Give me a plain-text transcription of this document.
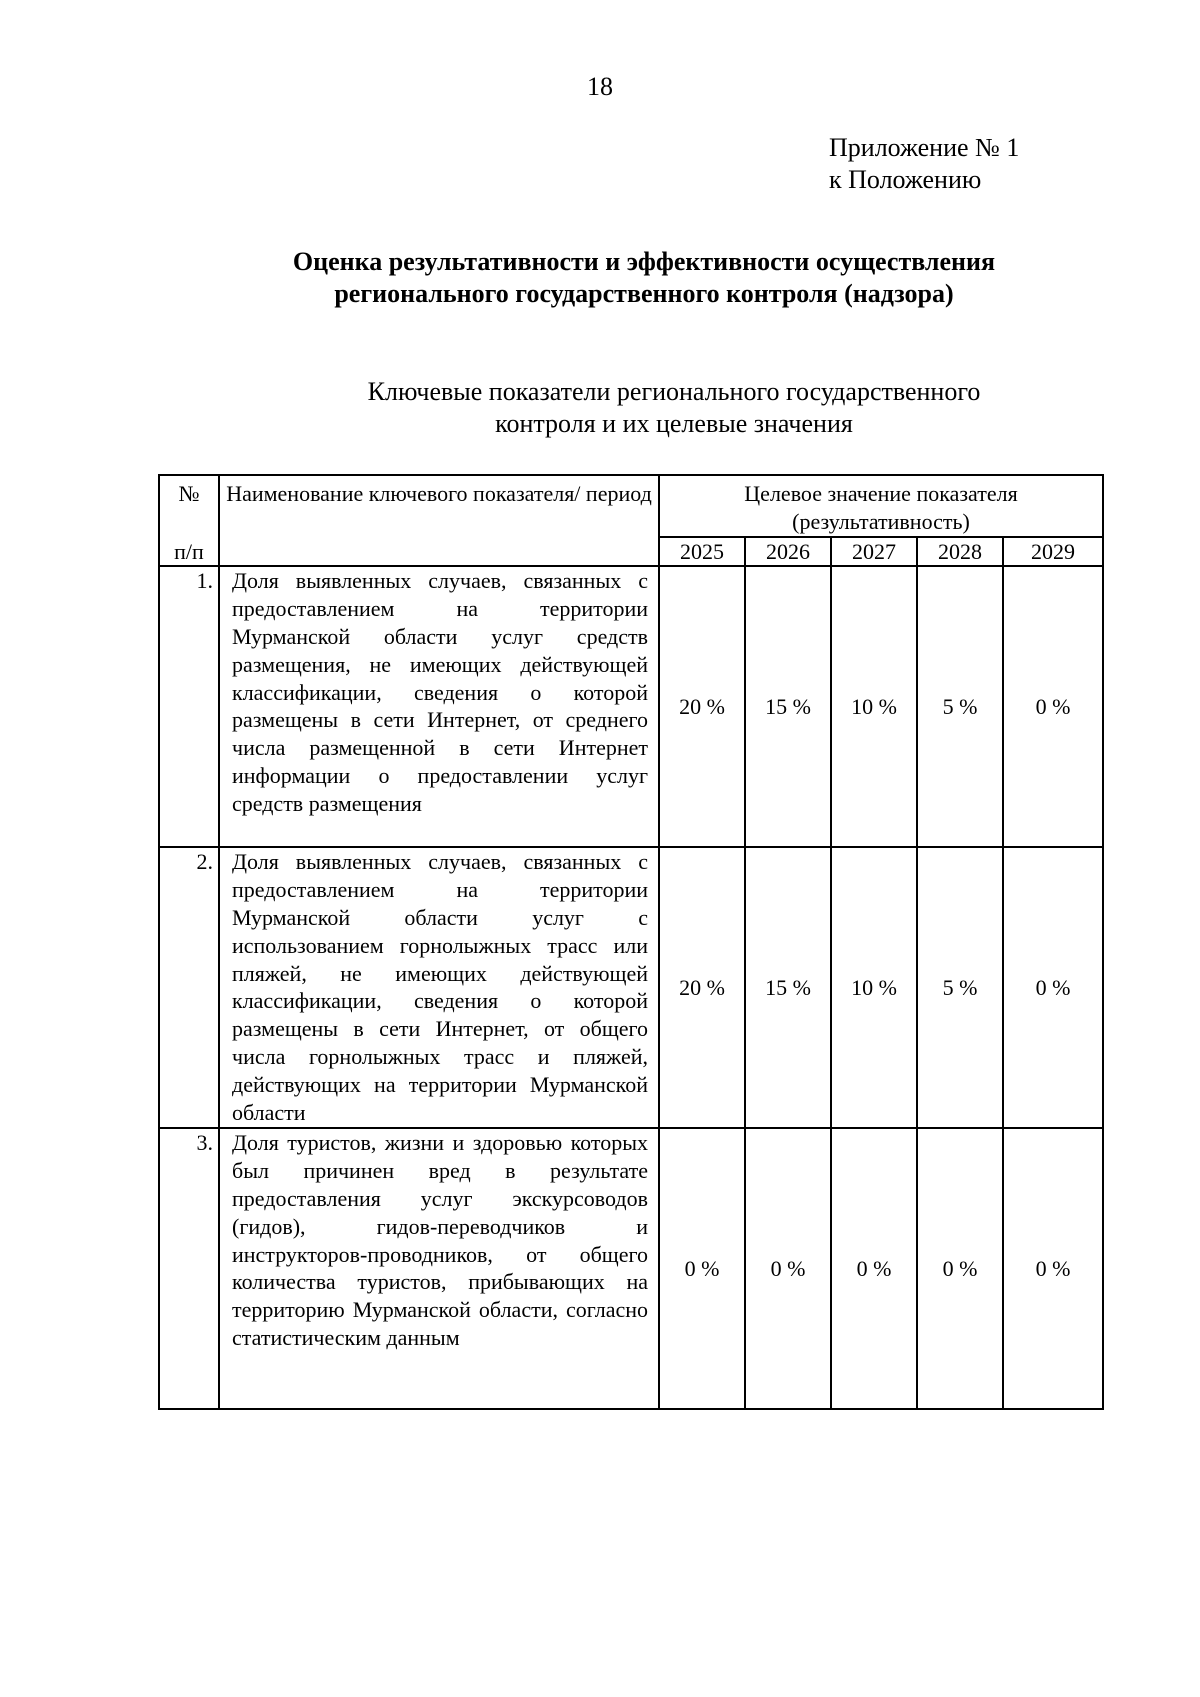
18
Приложение № 1
к Положению
Оценка результативности и эффективности осуществления
регионального государственного контроля (надзора)
Ключевые показатели регионального государственного
контроля и их целевые значения
№	Наименование ключевого показателя/ период	Целевое значение показателя (результативность)				
п/п		2025	2026	2027	2028	2029
1.	Доля выявленных случаев, связанных с предоставлением на территории Мурманской области услуг средств размещения, не имеющих действующей классификации, сведения о которой размещены в сети Интернет, от среднего числа размещенной в сети Интернет информации о предоставлении услуг средств размещения	20 %	15 %	10 %	5 %	0 %
2.	Доля выявленных случаев, связанных с предоставлением на территории Мурманской области услуг с использованием горнолыжных трасс или пляжей, не имеющих действующей классификации, сведения о которой размещены в сети Интернет, от общего числа горнолыжных трасс и пляжей, действующих на территории Мурманской области	20 %	15 %	10 %	5 %	0 %
3.	Доля туристов, жизни и здоровью которых был причинен вред в результате предоставления услуг экскурсоводов (гидов), гидов-переводчиков и инструкторов-проводников, от общего количества туристов, прибывающих на территорию Мурманской области, согласно статистическим данным	0 %	0 %	0 %	0 %	0 %
